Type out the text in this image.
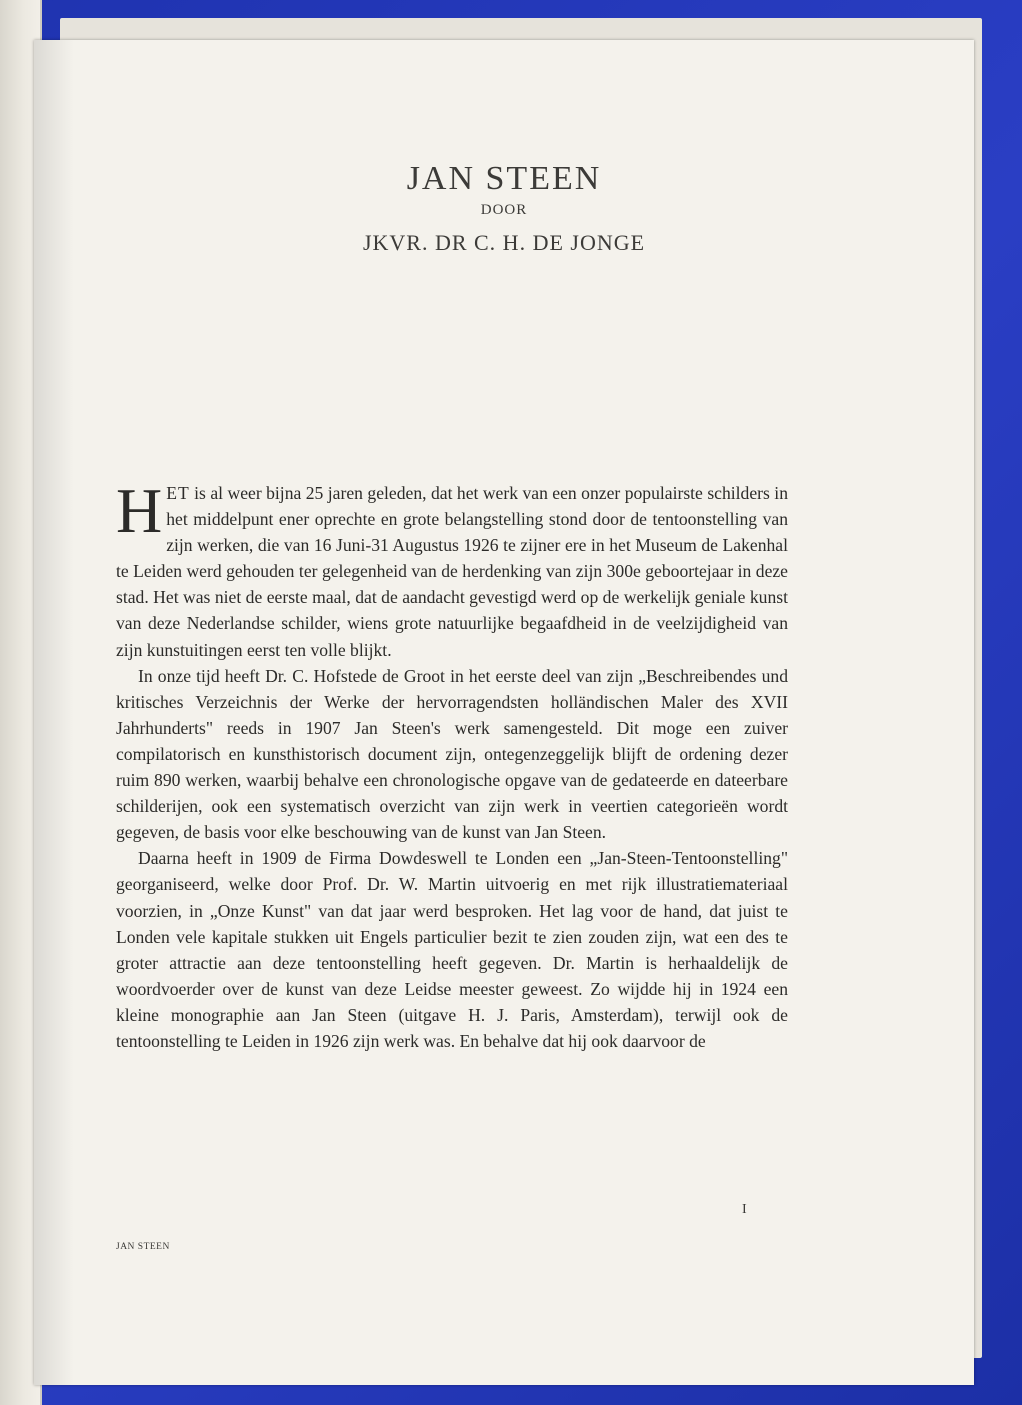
JAN STEEN
DOOR
JKVR. DR C. H. DE JONGE

HET is al weer bijna 25 jaren geleden, dat het werk van een onzer populairste schilders in het middelpunt ener oprechte en grote belangstelling stond door de tentoonstelling van zijn werken, die van 16 Juni-31 Augustus 1926 te zijner ere in het Museum de Lakenhal te Leiden werd gehouden ter gelegenheid van de herdenking van zijn 300e geboortejaar in deze stad. Het was niet de eerste maal, dat de aandacht gevestigd werd op de werkelijk geniale kunst van deze Nederlandse schilder, wiens grote natuurlijke begaafdheid in de veelzijdigheid van zijn kunstuitingen eerst ten volle blijkt.

In onze tijd heeft Dr. C. Hofstede de Groot in het eerste deel van zijn „Beschreibendes und kritisches Verzeichnis der Werke der hervorragendsten holländischen Maler des XVII Jahrhunderts" reeds in 1907 Jan Steen's werk samengesteld. Dit moge een zuiver compilatorisch en kunsthistorisch document zijn, ontegenzeggelijk blijft de ordening dezer ruim 890 werken, waarbij behalve een chronologische opgave van de gedateerde en dateerbare schilderijen, ook een systematisch overzicht van zijn werk in veertien categorieën wordt gegeven, de basis voor elke beschouwing van de kunst van Jan Steen.

Daarna heeft in 1909 de Firma Dowdeswell te Londen een „Jan-Steen-Tentoonstelling" georganiseerd, welke door Prof. Dr. W. Martin uitvoerig en met rijk illustratiemateriaal voorzien, in „Onze Kunst" van dat jaar werd besproken. Het lag voor de hand, dat juist te Londen vele kapitale stukken uit Engels particulier bezit te zien zouden zijn, wat een des te groter attractie aan deze tentoonstelling heeft gegeven. Dr. Martin is herhaaldelijk de woordvoerder over de kunst van deze Leidse meester geweest. Zo wijdde hij in 1924 een kleine monographie aan Jan Steen (uitgave H. J. Paris, Amsterdam), terwijl ook de tentoonstelling te Leiden in 1926 zijn werk was. En behalve dat hij ook daarvoor de

I
JAN STEEN
